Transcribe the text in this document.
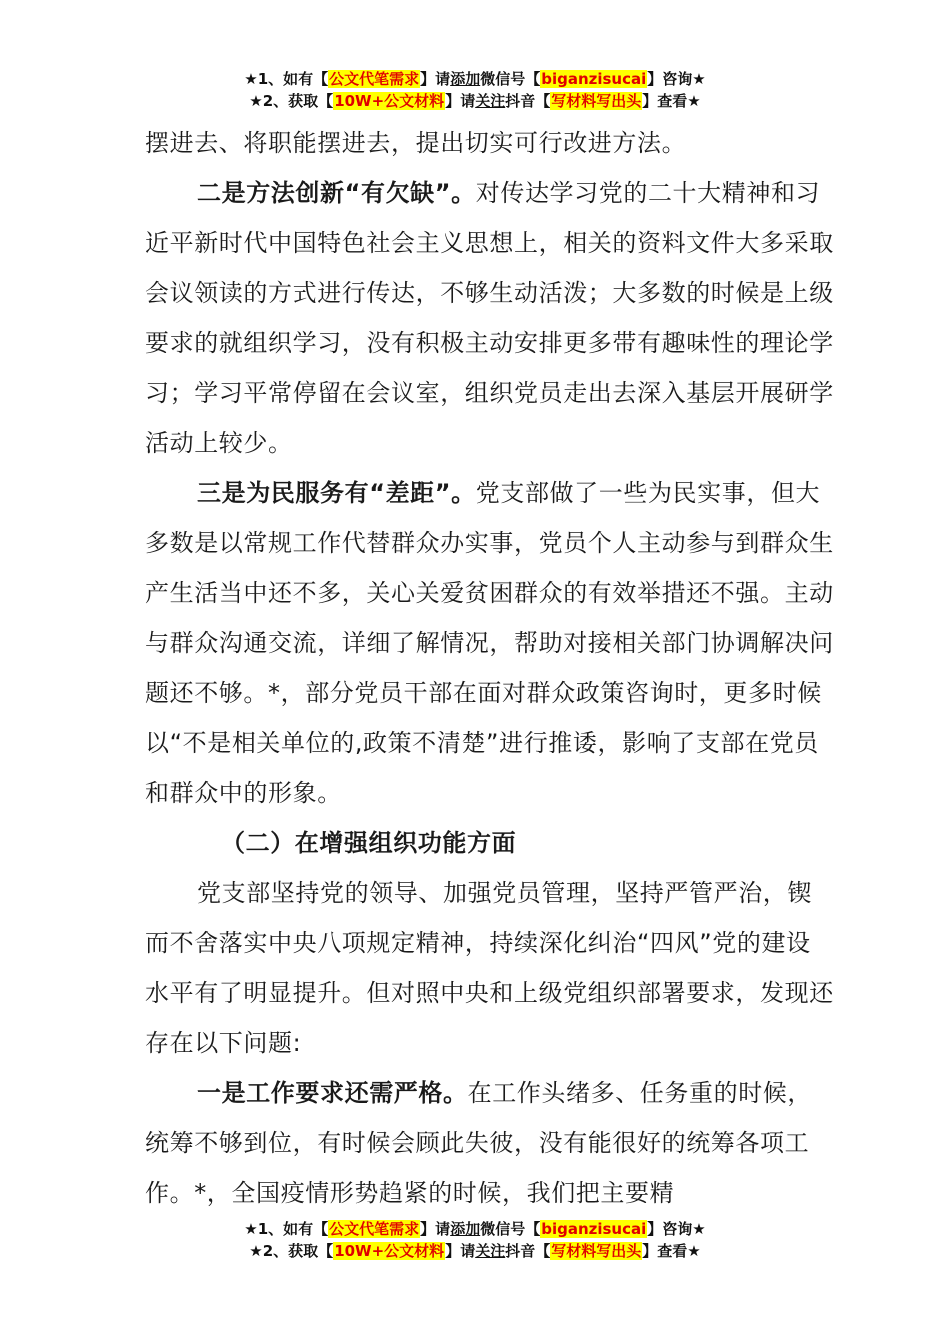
★1、如有【公文代笔需求】请添加微信号【biganzisucai】咨询★
★2、获取【10W+公文材料】请关注抖音【写材料写出头】查看★

摆进去、将职能摆进去，提出切实可行改进方法。

二是方法创新“有欠缺”。对传达学习党的二十大精神和习近平新时代中国特色社会主义思想上，相关的资料文件大多采取会议领读的方式进行传达，不够生动活泼；大多数的时候是上级要求的就组织学习，没有积极主动安排更多带有趣味性的理论学习；学习平常停留在会议室，组织党员走出去深入基层开展研学活动上较少。

三是为民服务有“差距”。党支部做了一些为民实事，但大多数是以常规工作代替群众办实事，党员个人主动参与到群众生产生活当中还不多，关心关爱贫困群众的有效举措还不强。主动与群众沟通交流，详细了解情况，帮助对接相关部门协调解决问题还不够。*，部分党员干部在面对群众政策咨询时，更多时候以“不是相关单位的,政策不清楚”进行推诿，影响了支部在党员和群众中的形象。

（二）在增强组织功能方面

党支部坚持党的领导、加强党员管理，坚持严管严治，锲而不舍落实中央八项规定精神，持续深化纠治“四风”党的建设水平有了明显提升。但对照中央和上级党组织部署要求，发现还存在以下问题:

一是工作要求还需严格。在工作头绪多、任务重的时候，统筹不够到位，有时候会顾此失彼，没有能很好的统筹各项工作。*，全国疫情形势趋紧的时候，我们把主要精

★1、如有【公文代笔需求】请添加微信号【biganzisucai】咨询★
★2、获取【10W+公文材料】请关注抖音【写材料写出头】查看★
